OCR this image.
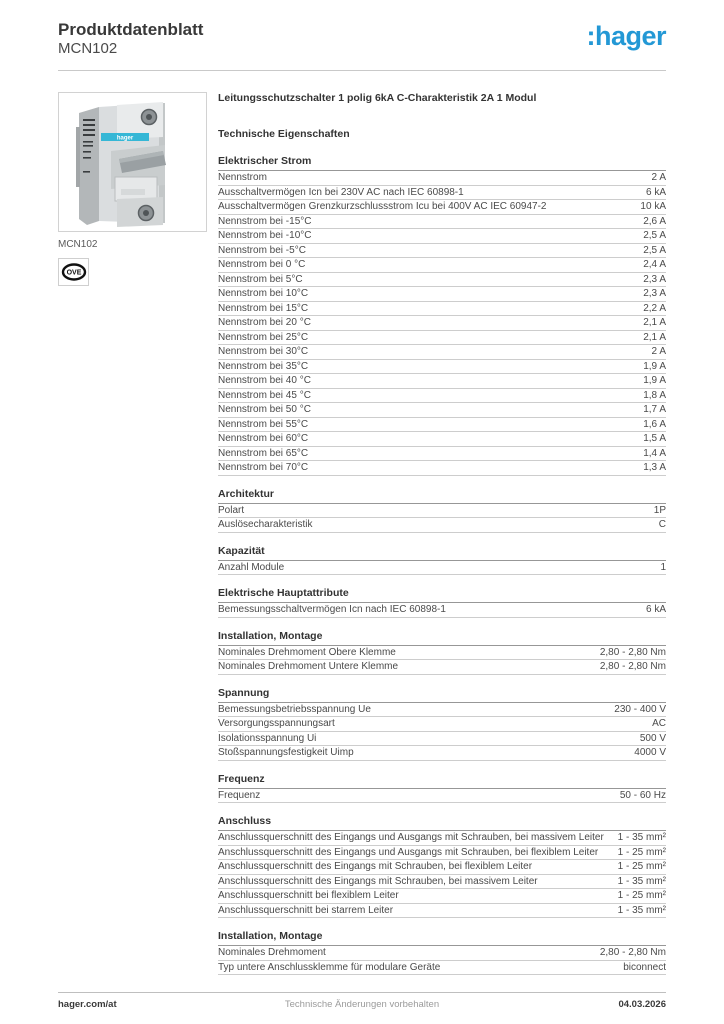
Produktdatenblatt
MCN102	:hager
hager
MCN102
OVE
Leitungsschutzschalter 1 polig 6kA C-Charakteristik 2A 1 Modul
Technische Eigenschaften
Elektrischer Strom
Nennstrom	2 A
Ausschaltvermögen Icn bei 230V AC nach IEC 60898-1	6 kA
Ausschaltvermögen Grenzkurzschlussstrom Icu bei 400V AC IEC 60947-2	10 kA
Nennstrom bei -15°C	2,6 A
Nennstrom bei -10°C	2,5 A
Nennstrom bei -5°C	2,5 A
Nennstrom bei 0 °C	2,4 A
Nennstrom bei 5°C	2,3 A
Nennstrom bei 10°C	2,3 A
Nennstrom bei 15°C	2,2 A
Nennstrom bei 20 °C	2,1 A
Nennstrom bei 25°C	2,1 A
Nennstrom bei 30°C	2 A
Nennstrom bei 35°C	1,9 A
Nennstrom bei 40 °C	1,9 A
Nennstrom bei 45 °C	1,8 A
Nennstrom bei 50 °C	1,7 A
Nennstrom bei 55°C	1,6 A
Nennstrom bei 60°C	1,5 A
Nennstrom bei 65°C	1,4 A
Nennstrom bei 70°C	1,3 A
Architektur
Polart	1P
Auslösecharakteristik	C
Kapazität
Anzahl Module	1
Elektrische Hauptattribute
Bemessungsschaltvermögen Icn nach IEC 60898-1	6 kA
Installation, Montage
Nominales Drehmoment Obere Klemme	2,80 - 2,80 Nm
Nominales Drehmoment Untere Klemme	2,80 - 2,80 Nm
Spannung
Bemessungsbetriebsspannung Ue	230 - 400 V
Versorgungsspannungsart	AC
Isolationsspannung Ui	500 V
Stoßspannungsfestigkeit Uimp	4000 V
Frequenz
Frequenz	50 - 60 Hz
Anschluss
Anschlussquerschnitt des Eingangs und Ausgangs mit Schrauben, bei massivem Leiter	1 - 35 mm²
Anschlussquerschnitt des Eingangs und Ausgangs mit Schrauben, bei flexiblem Leiter	1 - 25 mm²
Anschlussquerschnitt des Eingangs mit Schrauben, bei flexiblem Leiter	1 - 25 mm²
Anschlussquerschnitt des Eingangs mit Schrauben, bei massivem Leiter	1 - 35 mm²
Anschlussquerschnitt bei flexiblem Leiter	1 - 25 mm²
Anschlussquerschnitt bei starrem Leiter	1 - 35 mm²
Installation, Montage
Nominales Drehmoment	2,80 - 2,80 Nm
Typ untere Anschlussklemme für modulare Geräte	biconnect
hager.com/at	Technische Änderungen vorbehalten	04.03.2026
